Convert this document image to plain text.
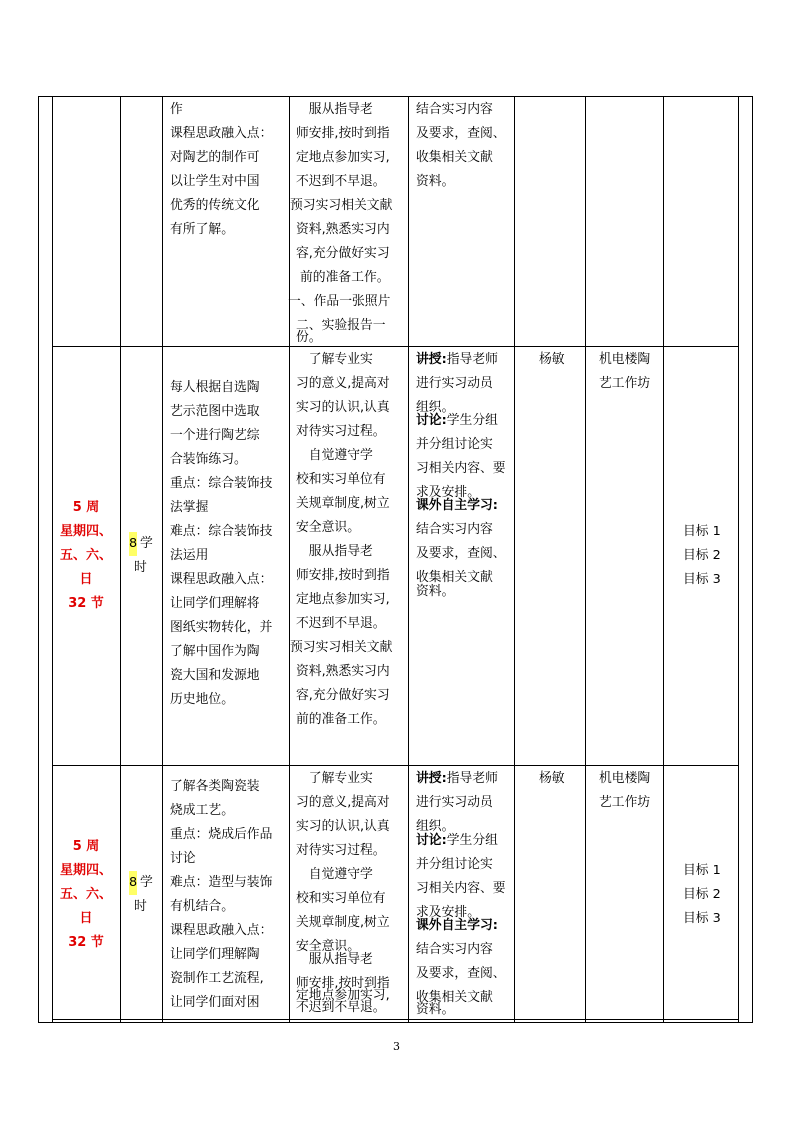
作
课程思政融入点：
对陶艺的制作可
以让学生对中国
优秀的传统文化
有所了解。
　服从指导老
师安排,按时到指
定地点参加实习,
不迟到不早退。
预习实习相关文献
资料,熟悉实习内
容,充分做好实习
前的准备工作。
一、作品一张照片
二、实验报告一
份。
结合实习内容
及要求，查阅、
收集相关文献
资料。
5 周
星期四、
五、六、
日
32 节
8 学
时
每人根据自选陶
艺示范图中选取
一个进行陶艺综
合装饰练习。
重点：综合装饰技
法掌握
难点：综合装饰技
法运用
课程思政融入点：
让同学们理解将
图纸实物转化，并
了解中国作为陶
瓷大国和发源地
历史地位。
　了解专业实
习的意义,提高对
实习的认识,认真
对待实习过程。
　自觉遵守学
校和实习单位有
关规章制度,树立
安全意识。
　服从指导老
师安排,按时到指
定地点参加实习,
不迟到不早退。
预习实习相关文献
资料,熟悉实习内
容,充分做好实习
前的准备工作。
讲授:指导老师
进行实习动员
组织。
讨论:学生分组
并分组讨论实
习相关内容、要
求及安排。
课外自主学习:
结合实习内容
及要求，查阅、
收集相关文献
资料。
杨敏	机电楼陶
艺工作坊
目标 1
目标 2
目标 3
5 周
星期四、
五、六、
日
32 节
8 学
时
了解各类陶瓷装
烧成工艺。
重点：烧成后作品
讨论
难点：造型与装饰
有机结合。
课程思政融入点：
让同学们理解陶
瓷制作工艺流程,
让同学们面对困
　了解专业实
习的意义,提高对
实习的认识,认真
对待实习过程。
　自觉遵守学
校和实习单位有
关规章制度,树立
安全意识。
　服从指导老
师安排,按时到指
定地点参加实习,
不迟到不早退。
讲授:指导老师
进行实习动员
组织。
讨论:学生分组
并分组讨论实
习相关内容、要
求及安排。
课外自主学习:
结合实习内容
及要求，查阅、
收集相关文献
资料。
杨敏	机电楼陶
艺工作坊
目标 1
目标 2
目标 3
3
